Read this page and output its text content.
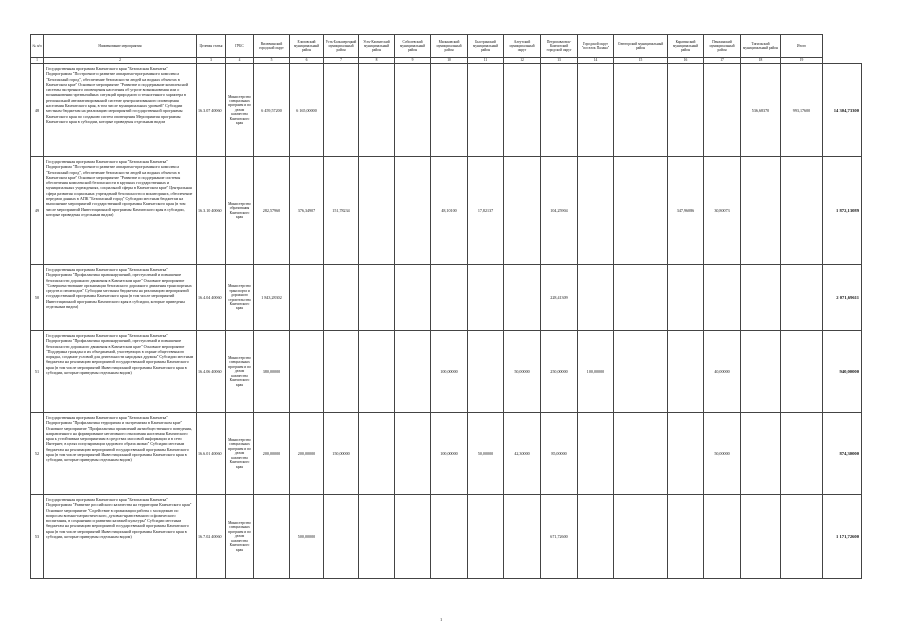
№ п/п	Наименование мероприятия	Целевая статья	ГРБС	Вилючинский городской округ	Елизовский муниципальный район	Усть-Большерецкий муниципальный район	Усть-Камчатский муниципальный район	Соболевский муниципальный район	Мильковский муниципальный район	Быстринский муниципальный район	Алеутский муниципальный округ	Петропавловск-Камчатский городской округ	Городской округ "поселок Палана"	Олюторский муниципальный район	Карагинский муниципальный район	Пенжинский муниципальный район	Тигильский муниципальный район	Итого	
1	2	3	4	5	6	7	8	9	10	11	12	13	14	15	16	17	18	19	
48	Государственная программа Камчатского края "Безопасная Камчатка" Подпрограмма "Построение и развитие аппаратно-программного комплекса "Безопасный город", обеспечение безопасности людей на водных объектах в Камчатском крае" Основное мероприятие "Развитие и поддержание комплексной системы экстренного оповещения населения об угрозе возникновения или о возникновении чрезвычайных ситуаций природного и техногенного характера в региональной автоматизированной системе централизованного оповещения населения Камчатского края, в том числе муниципальных уровней" Субсидии местным бюджетам на реализацию мероприятий государственной программы Камчатского края по созданию систем оповещения Мероприятия программы Камчатского края в субсидии, которые приведены отдельным видом	16.3.07 40060	Министерство специальных программ и по делам казачества Камчатского края	6 459,57200	6 165,00000												536,68370	993,17600	14 304,73300
49	Государственная программа Камчатского края "Безопасная Камчатка" Подпрограмма "Построение и развитие аппаратно-программного комплекса "Безопасный город", обеспечение безопасности людей на водных объектах в Камчатском крае" Основное мероприятие "Развитие и поддержание системы обеспечения комплексной безопасности в крупных государственных и муниципальных учреждениях, социальной сферы в Камчатском крае" Центральная сфера развития социальных учреждений безопасности и мониторинга, обеспечение передачи данных в АПК "Безопасный город" Субсидии местным бюджетам на выполнение мероприятий государственной программы Камчатского края (в том числе мероприятий Инвестиционной программы Камчатского края в субсидии, которые приведены отдельным видом)	16.3.10 40060	Министерство образования Камчатского края	282,57960	376,34907	151,78234			48,10100	17,82137		104,25904			347,96086	30,80073			1 872,13089
50	Государственная программа Камчатского края "Безопасная Камчатка" Подпрограмма "Профилактика правонарушений, преступлений и повышение безопасности дорожного движения в Камчатском крае" Основное мероприятие "Совершенствование организации безопасного дорожного движения транспортных средств и пешеходов" Субсидии местным бюджетам на реализацию мероприятий государственной программы Камчатского края (в том числе мероприятий Инвестиционной программы Камчатского края в субсидии, которые приведены отдельным видом)	16.4.04 40060	Министерство транспорта и дорожного строительства Камчатского края	1 843,28302								228,41309							2 071,69611
51	Государственная программа Камчатского края "Безопасная Камчатка" Подпрограмма "Профилактика правонарушений, преступлений и повышение безопасности дорожного движения в Камчатском крае" Основное мероприятие "Поддержка граждан и их объединений, участвующих в охране общественного порядка, создание условий для деятельности народных дружин" Субсидии местным бюджетам на реализацию мероприятий государственной программы Камчатского края (в том числе мероприятий Инвестиционной программы Камчатского края в субсидии, которые приведены отдельным видом)	16.4.06 40060	Министерство специальных программ и по делам казачества Камчатского края	380,00000					100,00000		50,00000	250,00000	100,00000			40,00000			940,00000
52	Государственная программа Камчатского края "Безопасная Камчатка" Подпрограмма "Профилактика терроризма и экстремизма в Камчатском крае" Основное мероприятие "Профилактика проявлений антиобщественного поведения, направленного на формирование негативного отношения населения Камчатского края к устойчивым мероприятиям в средствах массовой информации и в сети Интернет, в целях популяризации здорового образа жизни" Субсидии местным бюджетам на реализацию мероприятий государственной программы Камчатского края (в том числе мероприятий Инвестиционной программы Камчатского края в субсидии, которые приведены отдельным видом)	16.6.01 40060	Министерство специальных программ и по делам казачества Камчатского края	200,00000	200,00000	150,00000			100,00000	50,00000	42,30000	85,00000				50,00000			874,30000
53	Государственная программа Камчатского края "Безопасная Камчатка" Подпрограмма "Развитие российского казачества на территории Камчатского края" Основное мероприятие "Содействие в организации работы с молодежью по вопросам военно-патриотического, духовно-нравственного и физического воспитания, в сохранении и развитии казачьей культуры" Субсидии местным бюджетам на реализацию мероприятий государственной программы Камчатского края (в том числе мероприятий Инвестиционной программы Камчатского края в субсидии, которые приведены отдельным видом)	16.7.02 40060	Министерство специальных программ и по делам казачества Камчатского края		500,00000							671,72600							1 171,72600
1
